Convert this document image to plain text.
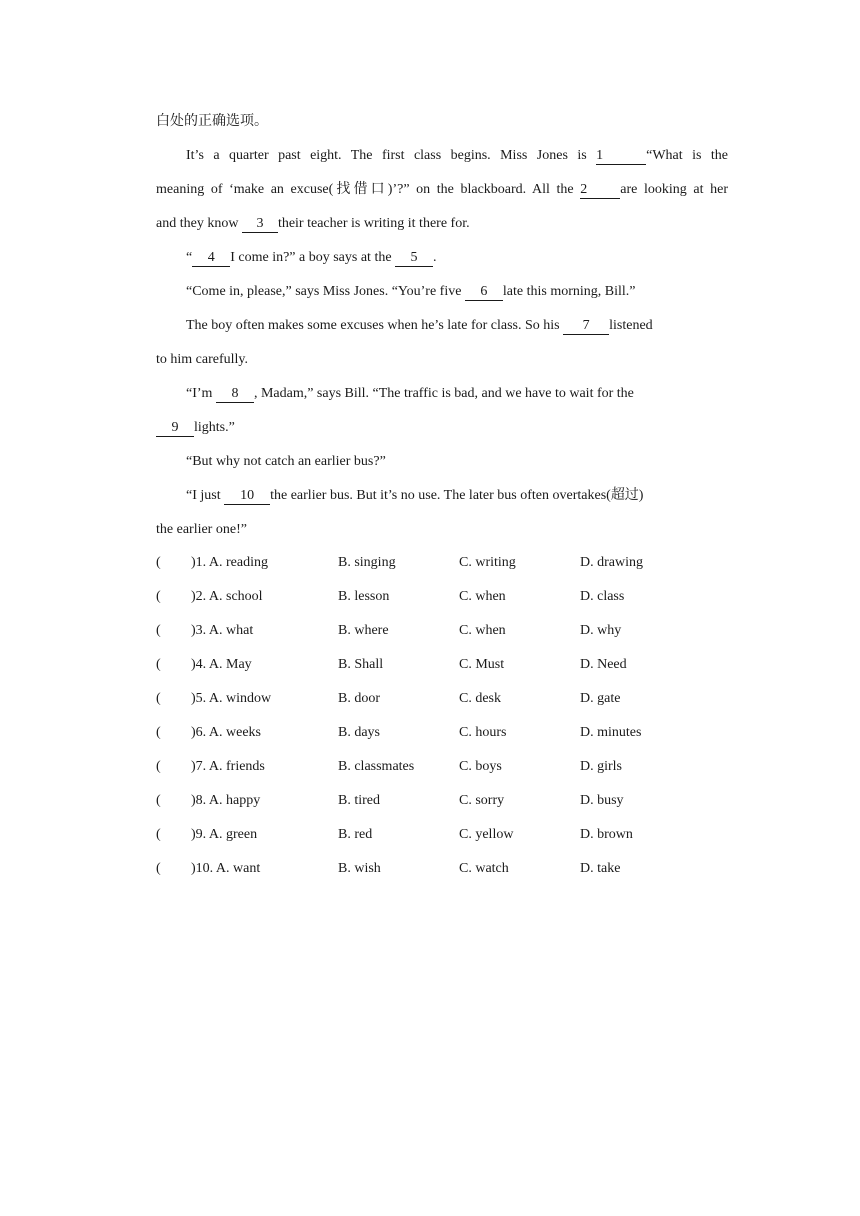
白处的正确选项。
It’s a quarter past eight. The first class begins. Miss Jones is 1	“What is the
meaning of ‘make an excuse(找借口)’?” on the blackboard. All the 2 are looking at her
and they know 3 their teacher is writing it there for.
“ 4 I come in?” a boy says at the 5 .
“Come in, please,” says Miss Jones. “You’re five 6 late this morning, Bill.”
The boy often makes some excuses when he’s late for class. So his 7 listened
to him carefully.
“I’m 8 , Madam,” says Bill. “The traffic is bad, and we have to wait for the
9 lights.”
“But why not catch an earlier bus?”
“I just 10 the earlier bus. But it’s no use. The later bus often overtakes(超过)
the earlier one!”
( )1. A. reading	B. singing	C. writing	D. drawing
( )2. A. school	B. lesson	C. when	D. class
( )3. A. what	B. where	C. when	D. why
( )4. A. May	B. Shall	C. Must	D. Need
( )5. A. window	B. door	C. desk	D. gate
( )6. A. weeks	B. days	C. hours	D. minutes
( )7. A. friends	B. classmates	C. boys	D. girls
( )8. A. happy	B. tired	C. sorry	D. busy
( )9. A. green	B. red	C. yellow	D. brown
( )10. A. want	B. wish	C. watch	D. take
